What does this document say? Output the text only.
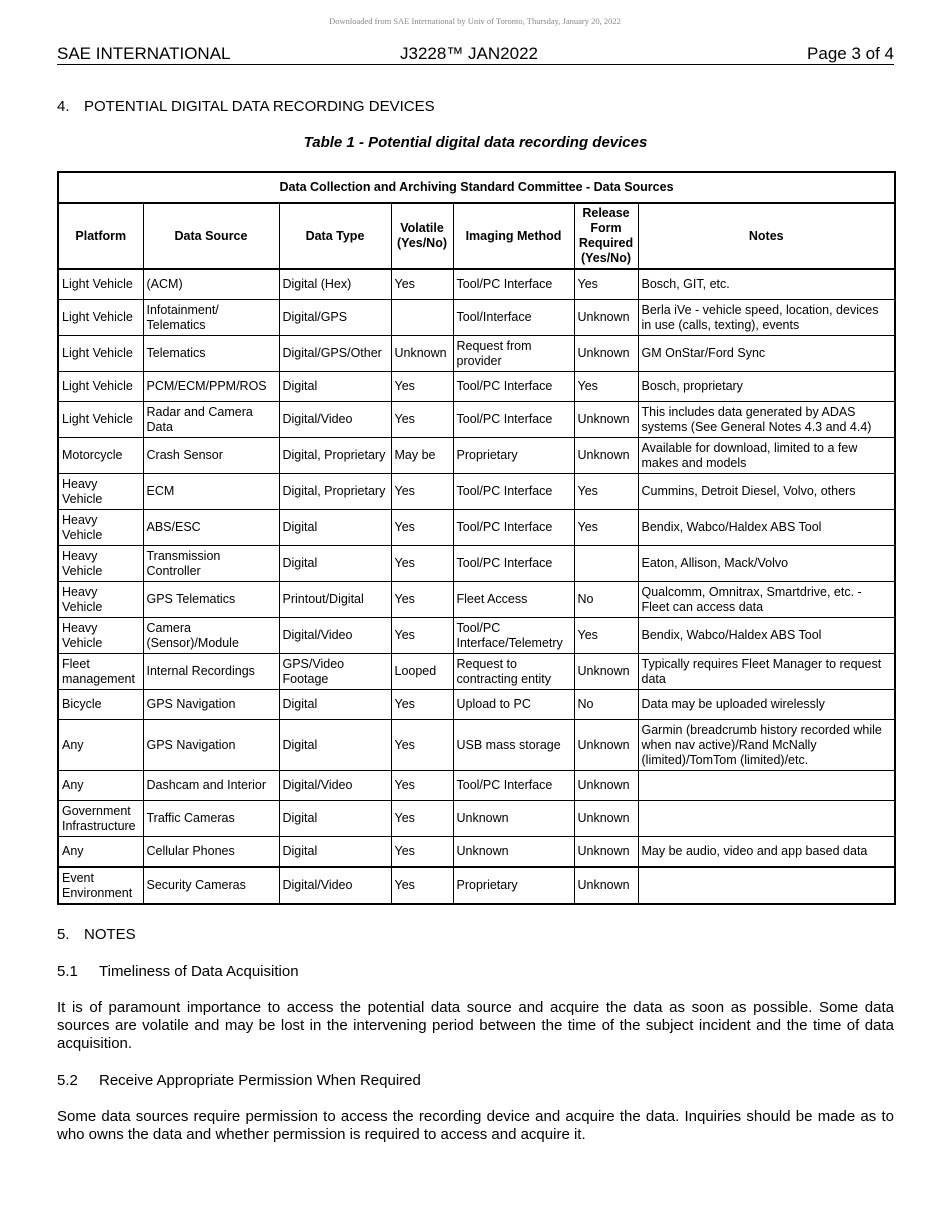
Downloaded from SAE International by Univ of Toronto, Thursday, January 20, 2022
SAE INTERNATIONAL	J3228™ JAN2022	Page 3 of 4
4. POTENTIAL DIGITAL DATA RECORDING DEVICES
Table 1 - Potential digital data recording devices
Data Collection and Archiving Standard Committee - Data Sources						
Platform	Data Source	Data Type	Volatile (Yes/No)	Imaging Method	Release Form Required (Yes/No)	Notes
Light Vehicle	(ACM)	Digital (Hex)	Yes	Tool/PC Interface	Yes	Bosch, GIT, etc.
Light Vehicle	Infotainment/ Telematics	Digital/GPS		Tool/Interface	Unknown	Berla iVe - vehicle speed, location, devices in use (calls, texting), events
Light Vehicle	Telematics	Digital/GPS/Other	Unknown	Request from provider	Unknown	GM OnStar/Ford Sync
Light Vehicle	PCM/ECM/PPM/ROS	Digital	Yes	Tool/PC Interface	Yes	Bosch, proprietary
Light Vehicle	Radar and Camera Data	Digital/Video	Yes	Tool/PC Interface	Unknown	This includes data generated by ADAS systems (See General Notes 4.3 and 4.4)
Motorcycle	Crash Sensor	Digital, Proprietary	May be	Proprietary	Unknown	Available for download, limited to a few makes and models
Heavy Vehicle	ECM	Digital, Proprietary	Yes	Tool/PC Interface	Yes	Cummins, Detroit Diesel, Volvo, others
Heavy Vehicle	ABS/ESC	Digital	Yes	Tool/PC Interface	Yes	Bendix, Wabco/Haldex ABS Tool
Heavy Vehicle	Transmission Controller	Digital	Yes	Tool/PC Interface		Eaton, Allison, Mack/Volvo
Heavy Vehicle	GPS Telematics	Printout/Digital	Yes	Fleet Access	No	Qualcomm, Omnitrax, Smartdrive, etc. - Fleet can access data
Heavy Vehicle	Camera (Sensor)/Module	Digital/Video	Yes	Tool/PC Interface/Telemetry	Yes	Bendix, Wabco/Haldex ABS Tool
Fleet management	Internal Recordings	GPS/Video Footage	Looped	Request to contracting entity	Unknown	Typically requires Fleet Manager to request data
Bicycle	GPS Navigation	Digital	Yes	Upload to PC	No	Data may be uploaded wirelessly
Any	GPS Navigation	Digital	Yes	USB mass storage	Unknown	Garmin (breadcrumb history recorded while when nav active)/Rand McNally (limited)/TomTom (limited)/etc.
Any	Dashcam and Interior	Digital/Video	Yes	Tool/PC Interface	Unknown	
Government Infrastructure	Traffic Cameras	Digital	Yes	Unknown	Unknown	
Any	Cellular Phones	Digital	Yes	Unknown	Unknown	May be audio, video and app based data
Event Environment	Security Cameras	Digital/Video	Yes	Proprietary	Unknown	
5. NOTES
5.1 Timeliness of Data Acquisition
It is of paramount importance to access the potential data source and acquire the data as soon as possible. Some data sources are volatile and may be lost in the intervening period between the time of the subject incident and the time of data acquisition.
5.2 Receive Appropriate Permission When Required
Some data sources require permission to access the recording device and acquire the data. Inquiries should be made as to who owns the data and whether permission is required to access and acquire it.
